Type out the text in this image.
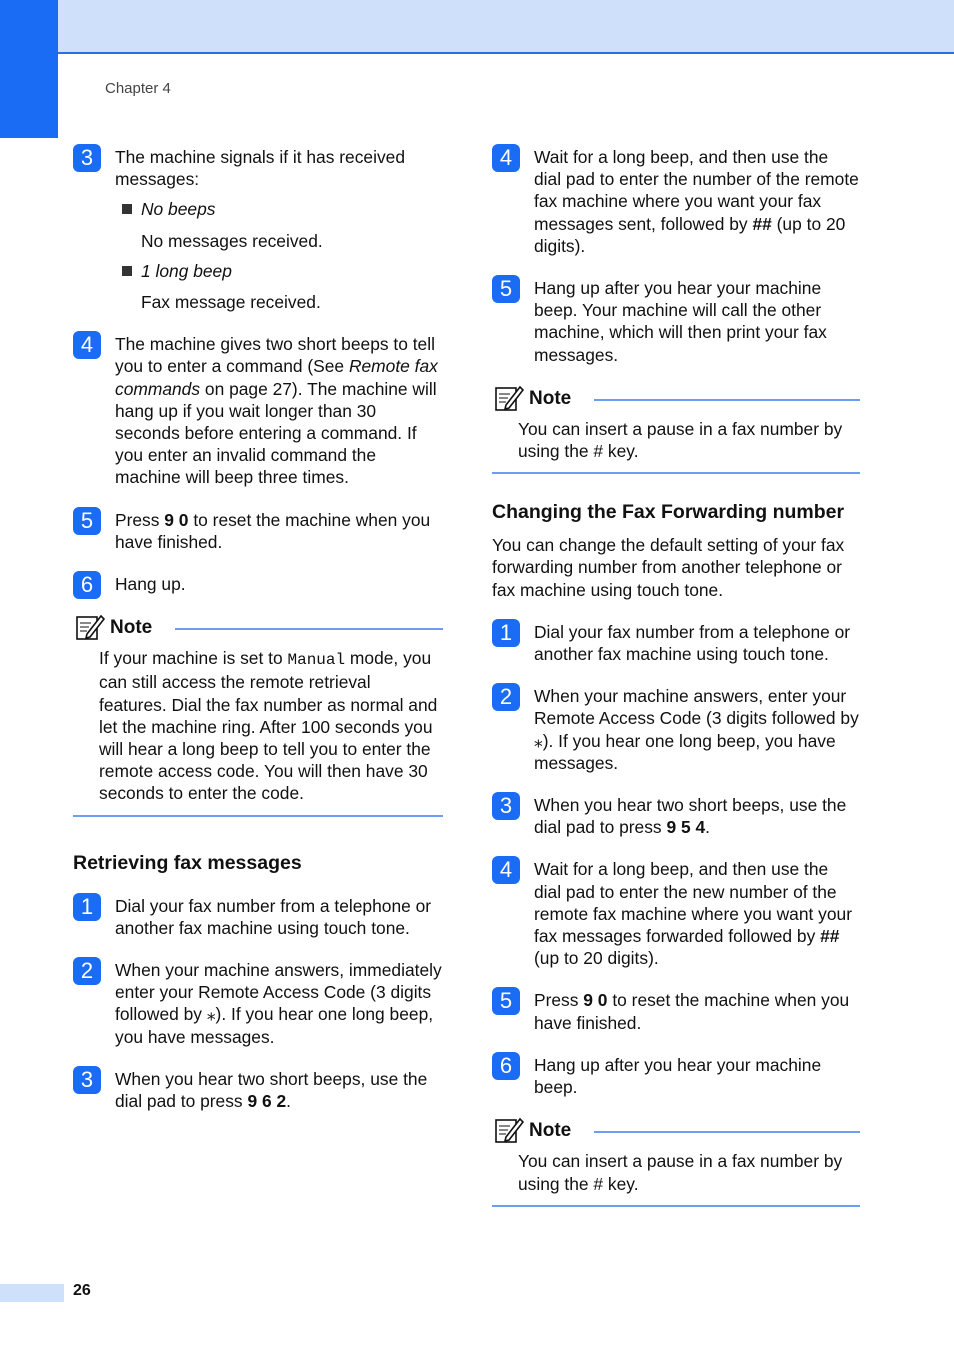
Chapter 4
3	The machine signals if it has received messages:
No beeps
No messages received.
1 long beep
Fax message received.
4	The machine gives two short beeps to tell you to enter a command (See Remote fax commands on page 27). The machine will hang up if you wait longer than 30 seconds before entering a command. If you enter an invalid command the machine will beep three times.
5	Press 9 0 to reset the machine when you have finished.
6	Hang up.
Note
If your machine is set to Manual mode, you can still access the remote retrieval features. Dial the fax number as normal and let the machine ring. After 100 seconds you will hear a long beep to tell you to enter the remote access code. You will then have 30 seconds to enter the code.
Retrieving fax messages
1	Dial your fax number from a telephone or another fax machine using touch tone.
2	When your machine answers, immediately enter your Remote Access Code (3 digits followed by ⁎). If you hear one long beep, you have messages.
3	When you hear two short beeps, use the dial pad to press 9 6 2.
4	Wait for a long beep, and then use the dial pad to enter the number of the remote fax machine where you want your fax messages sent, followed by ## (up to 20 digits).
5	Hang up after you hear your machine beep. Your machine will call the other machine, which will then print your fax messages.
Note
You can insert a pause in a fax number by using the # key.
Changing the Fax Forwarding number
You can change the default setting of your fax forwarding number from another telephone or fax machine using touch tone.
1	Dial your fax number from a telephone or another fax machine using touch tone.
2	When your machine answers, enter your Remote Access Code (3 digits followed by ⁎). If you hear one long beep, you have messages.
3	When you hear two short beeps, use the dial pad to press 9 5 4.
4	Wait for a long beep, and then use the dial pad to enter the new number of the remote fax machine where you want your fax messages forwarded followed by ## (up to 20 digits).
5	Press 9 0 to reset the machine when you have finished.
6	Hang up after you hear your machine beep.
Note
You can insert a pause in a fax number by using the # key.
26
